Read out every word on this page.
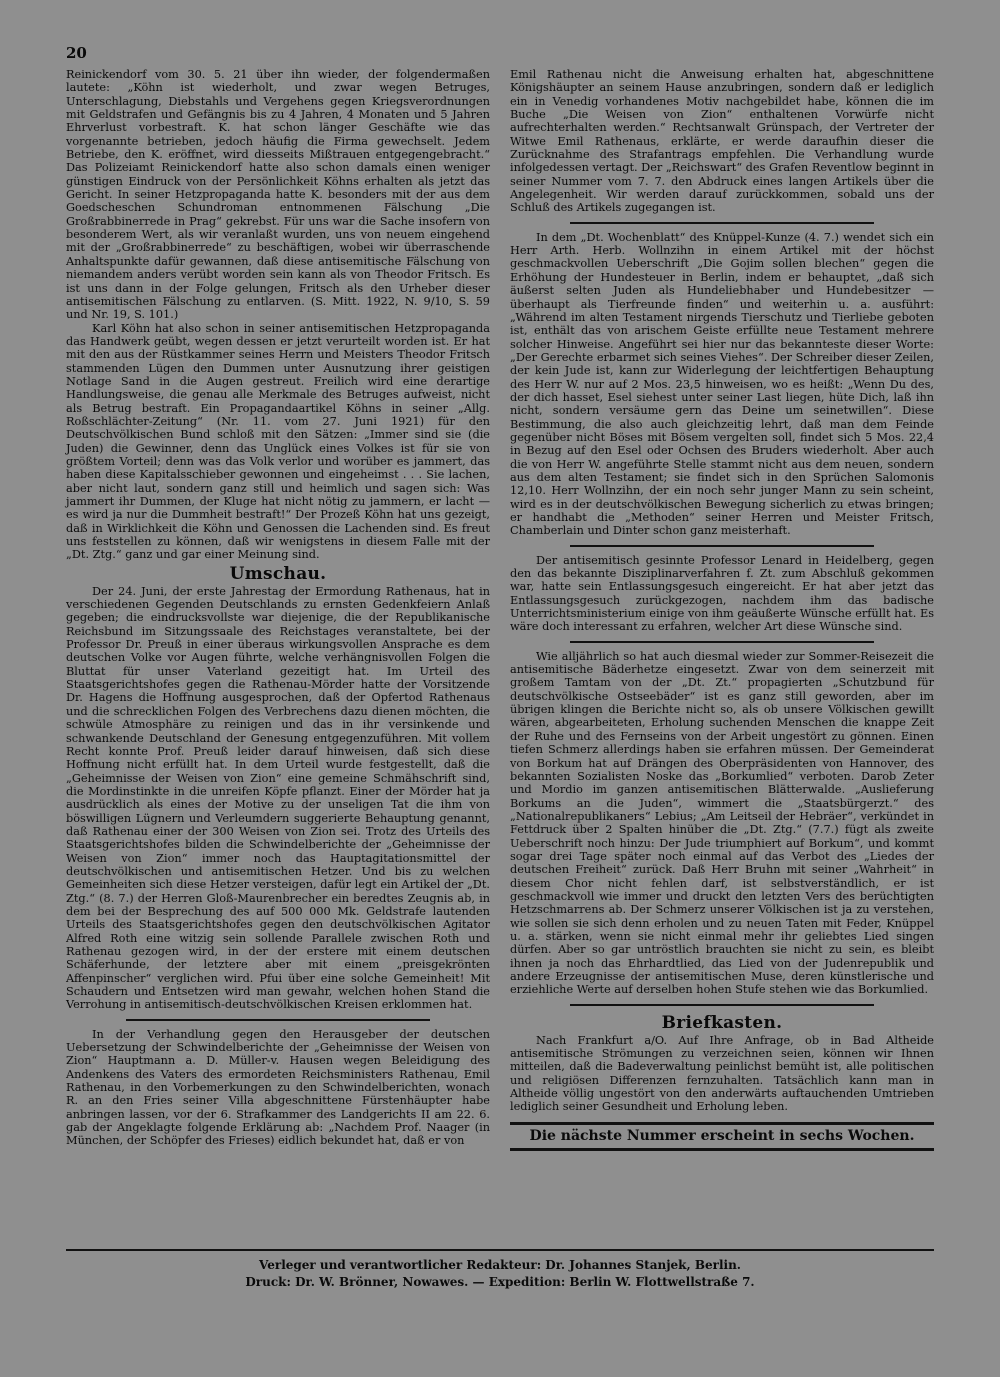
20

Reinickendorf vom 30. 5. 21 über ihn wieder, der folgendermaßen lautete: „Köhn ist wiederholt, und zwar wegen Betruges, Unterschlagung, Diebstahls und Vergehens gegen Kriegsverordnungen mit Geldstrafen und Gefängnis bis zu 4 Jahren, 4 Monaten und 5 Jahren Ehrverlust vorbestraft. K. hat schon länger Geschäfte wie das vorgenannte betrieben, jedoch häufig die Firma gewechselt. Jedem Betriebe, den K. eröffnet, wird diesseits Mißtrauen entgegengebracht.“ Das Polizeiamt Reinickendorf hatte also schon damals einen weniger günstigen Eindruck von der Persönlichkeit Köhns erhalten als jetzt das Gericht. In seiner Hetzpropaganda hatte K. besonders mit der aus dem Goedscheschen Schundroman entnommenen Fälschung „Die Großrabbinerrede in Prag“ gekrebst. Für uns war die Sache insofern von besonderem Wert, als wir veranlaßt wurden, uns von neuem eingehend mit der „Großrabbinerrede“ zu beschäftigen, wobei wir überraschende Anhaltspunkte dafür gewannen, daß diese antisemitische Fälschung von niemandem anders verübt worden sein kann als von Theodor Fritsch. Es ist uns dann in der Folge gelungen, Fritsch als den Urheber dieser antisemitischen Fälschung zu entlarven. (S. Mitt. 1922, N. 9/10, S. 59 und Nr. 19, S. 101.)

Karl Köhn hat also schon in seiner antisemitischen Hetzpropaganda das Handwerk geübt, wegen dessen er jetzt verurteilt worden ist. Er hat mit den aus der Rüstkammer seines Herrn und Meisters Theodor Fritsch stammenden Lügen den Dummen unter Ausnutzung ihrer geistigen Notlage Sand in die Augen gestreut. Freilich wird eine derartige Handlungsweise, die genau alle Merkmale des Betruges aufweist, nicht als Betrug bestraft. Ein Propagandaartikel Köhns in seiner „Allg. Roßschlächter-Zeitung“ (Nr. 11. vom 27. Juni 1921) für den Deutschvölkischen Bund schloß mit den Sätzen: „Immer sind sie (die Juden) die Gewinner, denn das Unglück eines Volkes ist für sie von größtem Vorteil; denn was das Volk verlor und worüber es jammert, das haben diese Kapitalsschieber gewonnen und eingeheimst . . . Sie lachen, aber nicht laut, sondern ganz still und heimlich und sagen sich: Was jammert ihr Dummen, der Kluge hat nicht nötig zu jammern, er lacht — es wird ja nur die Dummheit bestraft!“ Der Prozeß Köhn hat uns gezeigt, daß in Wirklichkeit die Köhn und Genossen die Lachenden sind. Es freut uns feststellen zu können, daß wir wenigstens in diesem Falle mit der „Dt. Ztg.“ ganz und gar einer Meinung sind.

Umschau.

Der 24. Juni, der erste Jahrestag der Ermordung Rathenaus, hat in verschiedenen Gegenden Deutschlands zu ernsten Gedenkfeiern Anlaß gegeben; die eindrucksvollste war diejenige, die der Republikanische Reichsbund im Sitzungssaale des Reichstages veranstaltete, bei der Professor Dr. Preuß in einer überaus wirkungsvollen Ansprache es dem deutschen Volke vor Augen führte, welche verhängnisvollen Folgen die Bluttat für unser Vaterland gezeitigt hat. Im Urteil des Staatsgerichtshofes gegen die Rathenau-Mörder hatte der Vorsitzende Dr. Hagens die Hoffnung ausgesprochen, daß der Opfertod Rathenaus und die schrecklichen Folgen des Verbrechens dazu dienen möchten, die schwüle Atmosphäre zu reinigen und das in ihr versinkende und schwankende Deutschland der Genesung entgegenzuführen. Mit vollem Recht konnte Prof. Preuß leider darauf hinweisen, daß sich diese Hoffnung nicht erfüllt hat. In dem Urteil wurde festgestellt, daß die „Geheimnisse der Weisen von Zion“ eine gemeine Schmähschrift sind, die Mordinstinkte in die unreifen Köpfe pflanzt. Einer der Mörder hat ja ausdrücklich als eines der Motive zu der unseligen Tat die ihm von böswilligen Lügnern und Verleumdern suggerierte Behauptung genannt, daß Rathenau einer der 300 Weisen von Zion sei. Trotz des Urteils des Staatsgerichtshofes bilden die Schwindelberichte der „Geheimnisse der Weisen von Zion“ immer noch das Hauptagitationsmittel der deutschvölkischen und antisemitischen Hetzer. Und bis zu welchen Gemeinheiten sich diese Hetzer versteigen, dafür legt ein Artikel der „Dt. Ztg.“ (8. 7.) der Herren Gloß-Maurenbrecher ein beredtes Zeugnis ab, in dem bei der Besprechung des auf 500 000 Mk. Geldstrafe lautenden Urteils des Staatsgerichtshofes gegen den deutschvölkischen Agitator Alfred Roth eine witzig sein sollende Parallele zwischen Roth und Rathenau gezogen wird, in der der erstere mit einem deutschen Schäferhunde, der letztere aber mit einem „preisgekrönten Affenpinscher“ verglichen wird. Pfui über eine solche Gemeinheit! Mit Schaudern und Entsetzen wird man gewahr, welchen hohen Stand die Verrohung in antisemitisch-deutschvölkischen Kreisen erklommen hat.

In der Verhandlung gegen den Herausgeber der deutschen Uebersetzung der Schwindelberichte der „Geheimnisse der Weisen von Zion“ Hauptmann a. D. Müller-v. Hausen wegen Beleidigung des Andenkens des Vaters des ermordeten Reichsministers Rathenau, Emil Rathenau, in den Vorbemerkungen zu den Schwindelberichten, wonach R. an den Fries seiner Villa abgeschnittene Fürstenhäupter habe anbringen lassen, vor der 6. Strafkammer des Landgerichts II am 22. 6. gab der Angeklagte folgende Erklärung ab: „Nachdem Prof. Naager (in München, der Schöpfer des Frieses) eidlich bekundet hat, daß er von

Emil Rathenau nicht die Anweisung erhalten hat, abgeschnittene Königshäupter an seinem Hause anzubringen, sondern daß er lediglich ein in Venedig vorhandenes Motiv nachgebildet habe, können die im Buche „Die Weisen von Zion“ enthaltenen Vorwürfe nicht aufrechterhalten werden.“ Rechtsanwalt Grünspach, der Vertreter der Witwe Emil Rathenaus, erklärte, er werde daraufhin dieser die Zurücknahme des Strafantrags empfehlen. Die Verhandlung wurde infolgedessen vertagt. Der „Reichswart“ des Grafen Reventlow beginnt in seiner Nummer vom 7. 7. den Abdruck eines langen Artikels über die Angelegenheit. Wir werden darauf zurückkommen, sobald uns der Schluß des Artikels zugegangen ist.

In dem „Dt. Wochenblatt“ des Knüppel-Kunze (4. 7.) wendet sich ein Herr Arth. Herb. Wollnzihn in einem Artikel mit der höchst geschmackvollen Ueberschrift „Die Gojim sollen blechen“ gegen die Erhöhung der Hundesteuer in Berlin, indem er behauptet, „daß sich äußerst selten Juden als Hundeliebhaber und Hundebesitzer — überhaupt als Tierfreunde finden“ und weiterhin u. a. ausführt: „Während im alten Testament nirgends Tierschutz und Tierliebe geboten ist, enthält das von arischem Geiste erfüllte neue Testament mehrere solcher Hinweise. Angeführt sei hier nur das bekannteste dieser Worte: „Der Gerechte erbarmet sich seines Viehes“. Der Schreiber dieser Zeilen, der kein Jude ist, kann zur Widerlegung der leichtfertigen Behauptung des Herr W. nur auf 2 Mos. 23,5 hinweisen, wo es heißt: „Wenn Du des, der dich hasset, Esel siehest unter seiner Last liegen, hüte Dich, laß ihn nicht, sondern versäume gern das Deine um seinetwillen“. Diese Bestimmung, die also auch gleichzeitig lehrt, daß man dem Feinde gegenüber nicht Böses mit Bösem vergelten soll, findet sich 5 Mos. 22,4 in Bezug auf den Esel oder Ochsen des Bruders wiederholt. Aber auch die von Herr W. angeführte Stelle stammt nicht aus dem neuen, sondern aus dem alten Testament; sie findet sich in den Sprüchen Salomonis 12,10. Herr Wollnzihn, der ein noch sehr junger Mann zu sein scheint, wird es in der deutschvölkischen Bewegung sicherlich zu etwas bringen; er handhabt die „Methoden“ seiner Herren und Meister Fritsch, Chamberlain und Dinter schon ganz meisterhaft.

Der antisemitisch gesinnte Professor Lenard in Heidelberg, gegen den das bekannte Disziplinarverfahren f. Zt. zum Abschluß gekommen war, hatte sein Entlassungsgesuch eingereicht. Er hat aber jetzt das Entlassungsgesuch zurückgezogen, nachdem ihm das badische Unterrichtsministerium einige von ihm geäußerte Wünsche erfüllt hat. Es wäre doch interessant zu erfahren, welcher Art diese Wünsche sind.

Wie alljährlich so hat auch diesmal wieder zur Sommer-Reisezeit die antisemitische Bäderhetze eingesetzt. Zwar von dem seinerzeit mit großem Tamtam von der „Dt. Zt.“ propagierten „Schutzbund für deutschvölkische Ostseebäder“ ist es ganz still geworden, aber im übrigen klingen die Berichte nicht so, als ob unsere Völkischen gewillt wären, abgearbeiteten, Erholung suchenden Menschen die knappe Zeit der Ruhe und des Fernseins von der Arbeit ungestört zu gönnen. Einen tiefen Schmerz allerdings haben sie erfahren müssen. Der Gemeinderat von Borkum hat auf Drängen des Oberpräsidenten von Hannover, des bekannten Sozialisten Noske das „Borkumlied“ verboten. Darob Zeter und Mordio im ganzen antisemitischen Blätterwalde. „Auslieferung Borkums an die Juden“, wimmert die „Staatsbürgerzt.“ des „Nationalrepublikaners“ Lebius; „Am Leitseil der Hebräer“, verkündet in Fettdruck über 2 Spalten hinüber die „Dt. Ztg.“ (7.7.) fügt als zweite Ueberschrift noch hinzu: Der Jude triumphiert auf Borkum“, und kommt sogar drei Tage später noch einmal auf das Verbot des „Liedes der deutschen Freiheit“ zurück. Daß Herr Bruhn mit seiner „Wahrheit“ in diesem Chor nicht fehlen darf, ist selbstverständlich, er ist geschmackvoll wie immer und druckt den letzten Vers des berüchtigten Hetzschmarrens ab. Der Schmerz unserer Völkischen ist ja zu verstehen, wie sollen sie sich denn erholen und zu neuen Taten mit Feder, Knüppel u. a. stärken, wenn sie nicht einmal mehr ihr geliebtes Lied singen dürfen. Aber so gar untröstlich brauchten sie nicht zu sein, es bleibt ihnen ja noch das Ehrhardtlied, das Lied von der Judenrepublik und andere Erzeugnisse der antisemitischen Muse, deren künstlerische und erziehliche Werte auf derselben hohen Stufe stehen wie das Borkumlied.

Briefkasten.

Nach Frankfurt a/O. Auf Ihre Anfrage, ob in Bad Altheide antisemitische Strömungen zu verzeichnen seien, können wir Ihnen mitteilen, daß die Badeverwaltung peinlichst bemüht ist, alle politischen und religiösen Differenzen fernzuhalten. Tatsächlich kann man in Altheide völlig ungestört von den anderwärts auftauchenden Umtrieben lediglich seiner Gesundheit und Erholung leben.

Die nächste Nummer erscheint in sechs Wochen.
Verleger und verantwortlicher Redakteur: Dr. Johannes Stanjek, Berlin.
Druck: Dr. W. Brönner, Nowawes. — Expedition: Berlin W. Flottwellstraße 7.
